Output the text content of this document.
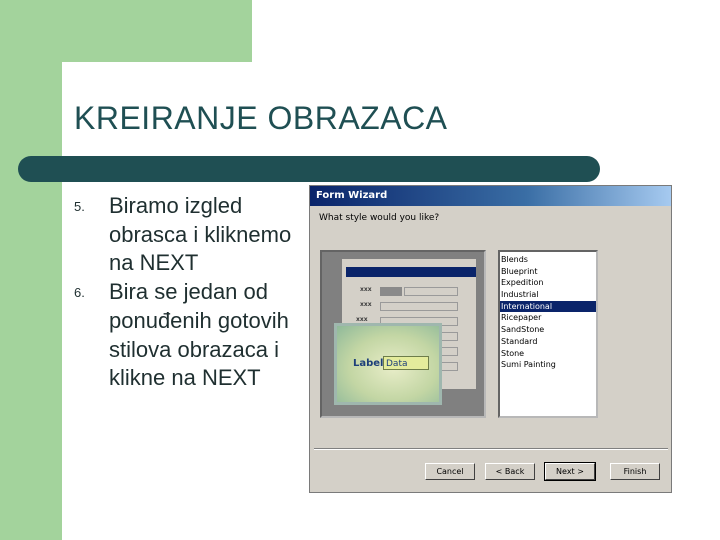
KREIRANJE OBRAZACA
5. Biramo izgled obrasca i kliknemo na NEXT
6. Bira se jedan od ponuđenih gotovih stilova obrazaca i klikne na NEXT
Form Wizard
What style would you like?
xxx
xxx
xxx
Label Data
Blends
Blueprint
Expedition
Industrial
International
Ricepaper
SandStone
Standard
Stone
Sumi Painting
Cancel	< Back	Next >	Finish
